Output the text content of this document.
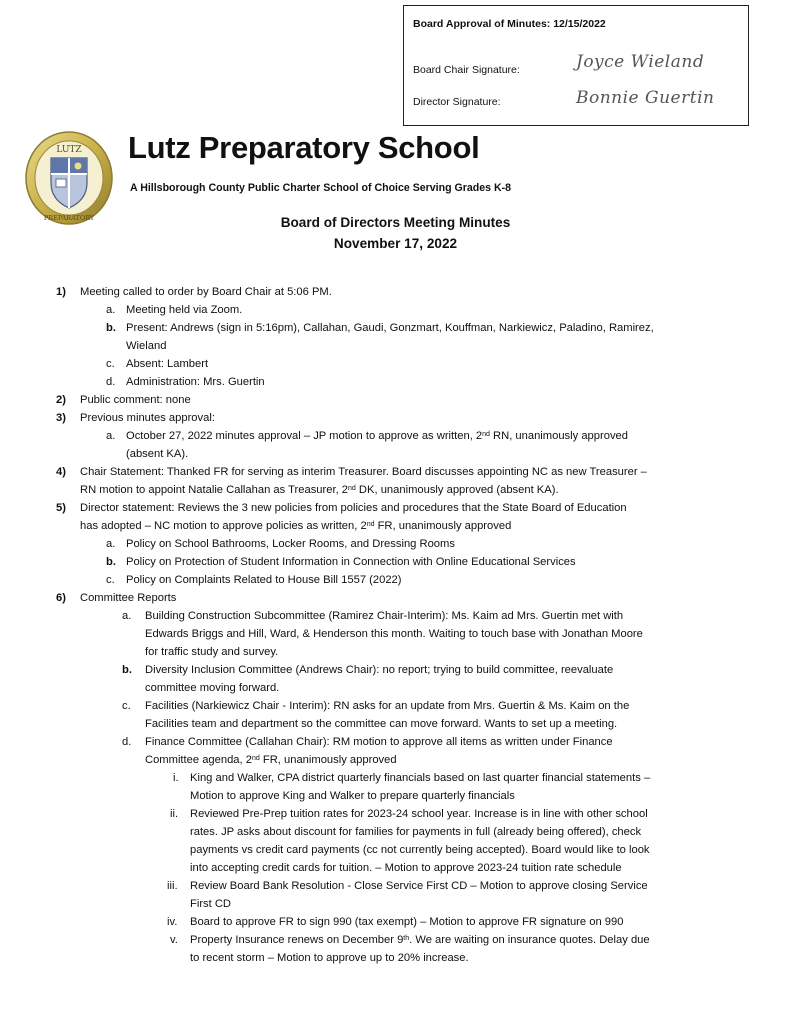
Board Approval of Minutes: 12/15/2022
Board Chair Signature:	Joyce Wieland
Director Signature:	Bonnie Guertin
LUTZ
PREPARATORY
Lutz Preparatory School
A Hillsborough County Public Charter School of Choice Serving Grades K-8
Board of Directors Meeting Minutes
November 17, 2022
1) Meeting called to order by Board Chair at 5:06 PM.
a. Meeting held via Zoom.
b. Present: Andrews (sign in 5:16pm), Callahan, Gaudi, Gonzmart, Kouffman, Narkiewicz, Paladino, Ramirez,
Wieland
c. Absent: Lambert
d. Administration: Mrs. Guertin
2) Public comment: none
3) Previous minutes approval:
a. October 27, 2022 minutes approval – JP motion to approve as written, 2nd RN, unanimously approved
(absent KA).
4) Chair Statement: Thanked FR for serving as interim Treasurer. Board discusses appointing NC as new Treasurer –
RN motion to appoint Natalie Callahan as Treasurer, 2nd DK, unanimously approved (absent KA).
5) Director statement: Reviews the 3 new policies from policies and procedures that the State Board of Education
has adopted – NC motion to approve policies as written, 2nd FR, unanimously approved
a. Policy on School Bathrooms, Locker Rooms, and Dressing Rooms
b. Policy on Protection of Student Information in Connection with Online Educational Services
c. Policy on Complaints Related to House Bill 1557 (2022)
6) Committee Reports
a. Building Construction Subcommittee (Ramirez Chair-Interim): Ms. Kaim ad Mrs. Guertin met with
Edwards Briggs and Hill, Ward, & Henderson this month. Waiting to touch base with Jonathan Moore
for traffic study and survey.
b. Diversity Inclusion Committee (Andrews Chair): no report; trying to build committee, reevaluate
committee moving forward.
c. Facilities (Narkiewicz Chair - Interim): RN asks for an update from Mrs. Guertin & Ms. Kaim on the
Facilities team and department so the committee can move forward. Wants to set up a meeting.
d. Finance Committee (Callahan Chair): RM motion to approve all items as written under Finance
Committee agenda, 2nd FR, unanimously approved
i. King and Walker, CPA district quarterly financials based on last quarter financial statements –
Motion to approve King and Walker to prepare quarterly financials
ii. Reviewed Pre-Prep tuition rates for 2023-24 school year. Increase is in line with other school
rates. JP asks about discount for families for payments in full (already being offered), check
payments vs credit card payments (cc not currently being accepted). Board would like to look
into accepting credit cards for tuition. – Motion to approve 2023-24 tuition rate schedule
iii. Review Board Bank Resolution - Close Service First CD – Motion to approve closing Service
First CD
iv. Board to approve FR to sign 990 (tax exempt) – Motion to approve FR signature on 990
v. Property Insurance renews on December 9th. We are waiting on insurance quotes. Delay due
to recent storm – Motion to approve up to 20% increase.
